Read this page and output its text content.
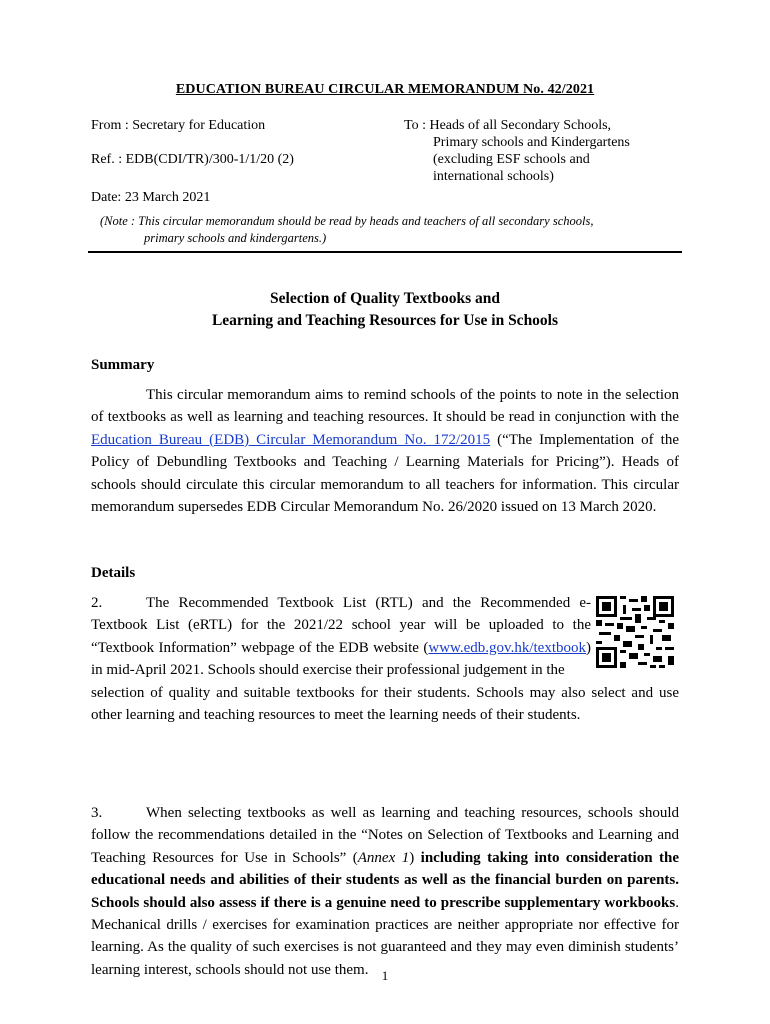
EDUCATION BUREAU CIRCULAR MEMORANDUM No. 42/2021
From : Secretary for Education
Ref. : EDB(CDI/TR)/300-1/1/20 (2)
Date: 23 March 2021
To : Heads of all Secondary Schools,
Primary schools and Kindergartens
(excluding ESF schools and
international schools)
(Note : This circular memorandum should be read by heads and teachers of all secondary schools,
primary schools and kindergartens.)
Selection of Quality Textbooks and
Learning and Teaching Resources for Use in Schools
Summary
This circular memorandum aims to remind schools of the points to note in the selection of textbooks as well as learning and teaching resources. It should be read in conjunction with the Education Bureau (EDB) Circular Memorandum No. 172/2015 (“The Implementation of the Policy of Debundling Textbooks and Teaching / Learning Materials for Pricing”). Heads of schools should circulate this circular memorandum to all teachers for information. This circular memorandum supersedes EDB Circular Memorandum No. 26/2020 issued on 13 March 2020.
Details
2.	The Recommended Textbook List (RTL) and the Recommended e-Textbook List (eRTL) for the 2021/22 school year will be uploaded to the “Textbook Information” webpage of the EDB website (www.edb.gov.hk/textbook) in mid-April 2021. Schools should exercise their professional judgement in the
selection of quality and suitable textbooks for their students. Schools may also select and use other learning and teaching resources to meet the learning needs of their students.
3.	When selecting textbooks as well as learning and teaching resources, schools should follow the recommendations detailed in the “Notes on Selection of Textbooks and Learning and Teaching Resources for Use in Schools” (Annex 1) including taking into consideration the educational needs and abilities of their students as well as the financial burden on parents. Schools should also assess if there is a genuine need to prescribe supplementary workbooks. Mechanical drills / exercises for examination practices are neither appropriate nor effective for learning. As the quality of such exercises is not guaranteed and they may even diminish students’ learning interest, schools should not use them.	1
